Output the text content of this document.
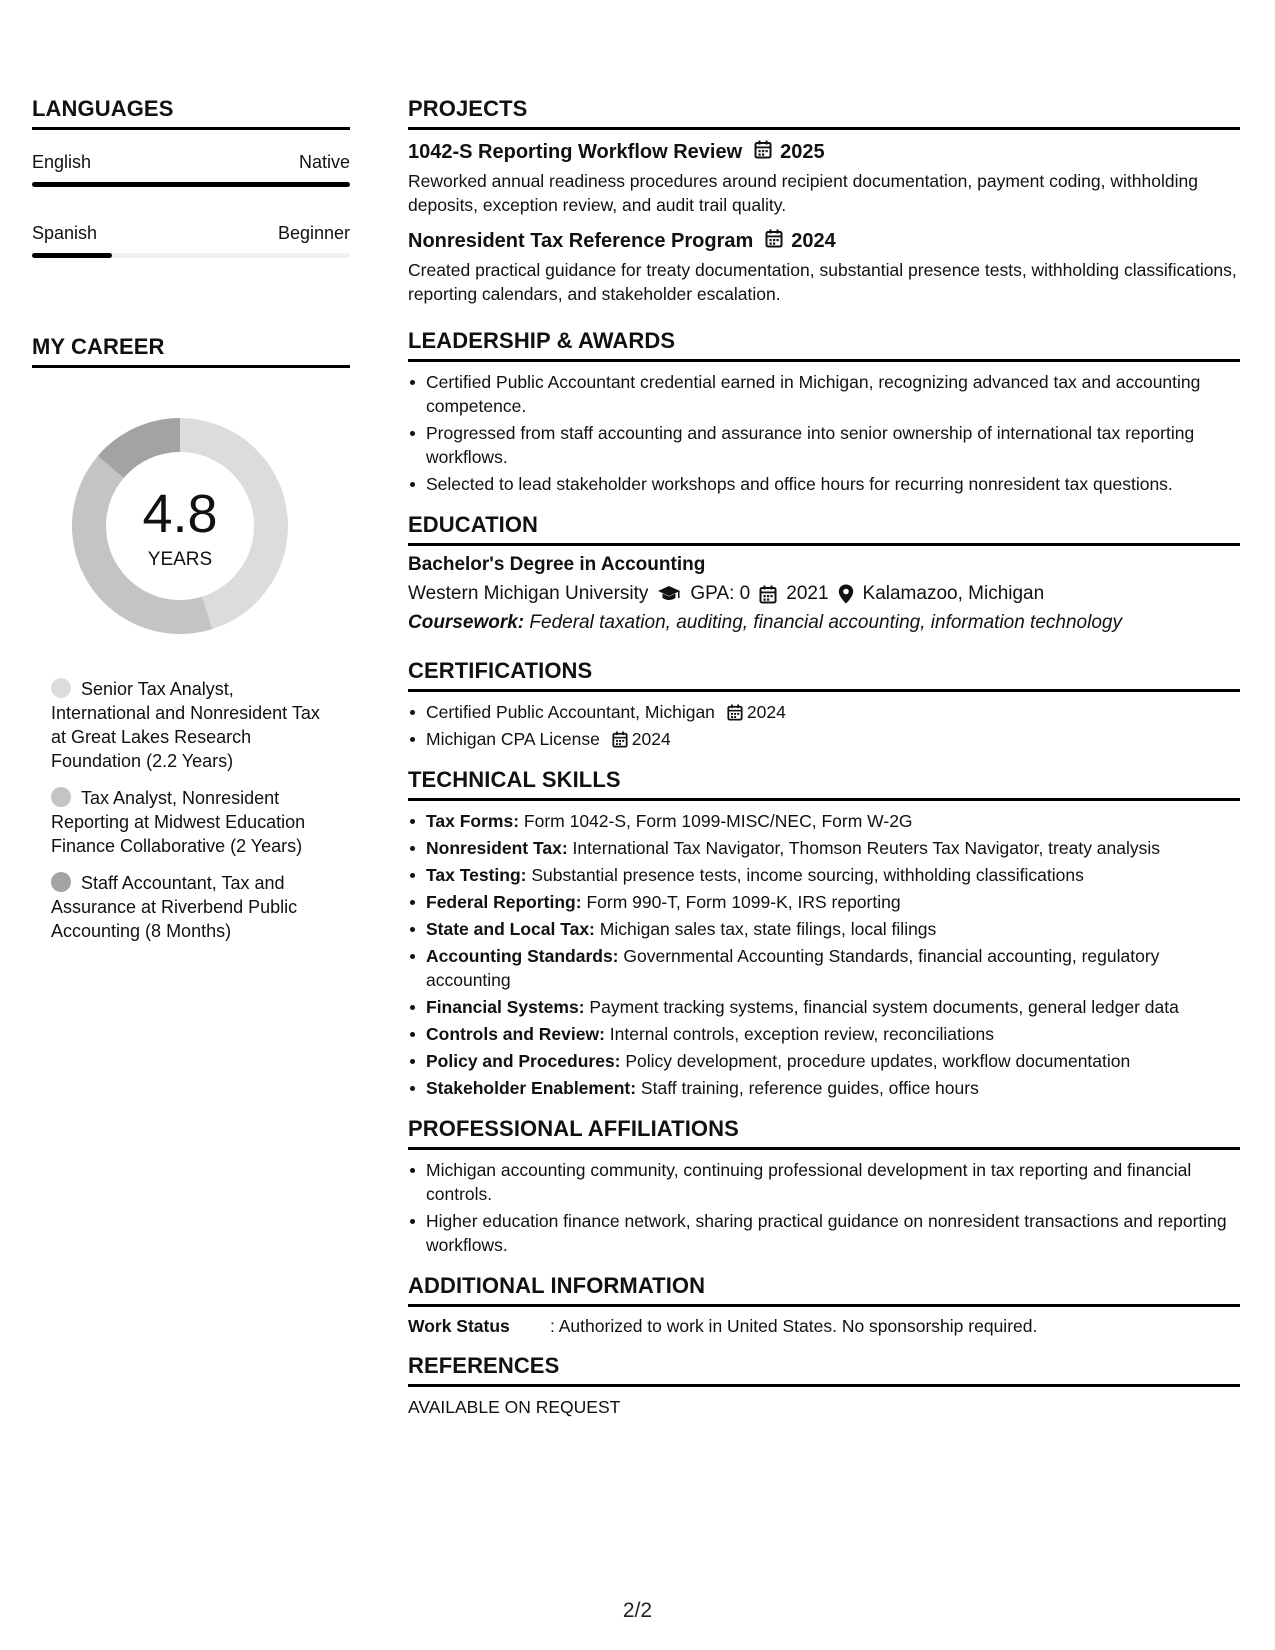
LANGUAGES
English	Native
Spanish	Beginner
MY CAREER
4.8
YEARS
Senior Tax Analyst, International and Nonresident Tax at Great Lakes Research Foundation (2.2 Years)
Tax Analyst, Nonresident Reporting at Midwest Education Finance Collaborative (2 Years)
Staff Accountant, Tax and Assurance at Riverbend Public Accounting (8 Months)
PROJECTS
1042-S Reporting Workflow Review 2025
Reworked annual readiness procedures around recipient documentation, payment coding, withholding deposits, exception review, and audit trail quality.
Nonresident Tax Reference Program 2024
Created practical guidance for treaty documentation, substantial presence tests, withholding classifications, reporting calendars, and stakeholder escalation.
LEADERSHIP & AWARDS
Certified Public Accountant credential earned in Michigan, recognizing advanced tax and accounting competence.
Progressed from staff accounting and assurance into senior ownership of international tax reporting workflows.
Selected to lead stakeholder workshops and office hours for recurring nonresident tax questions.
EDUCATION
Bachelor's Degree in Accounting
Western Michigan University GPA: 0 2021 Kalamazoo, Michigan
Coursework: Federal taxation, auditing, financial accounting, information technology
CERTIFICATIONS
Certified Public Accountant, Michigan 2024
Michigan CPA License 2024
TECHNICAL SKILLS
Tax Forms: Form 1042-S, Form 1099-MISC/NEC, Form W-2G
Nonresident Tax: International Tax Navigator, Thomson Reuters Tax Navigator, treaty analysis
Tax Testing: Substantial presence tests, income sourcing, withholding classifications
Federal Reporting: Form 990-T, Form 1099-K, IRS reporting
State and Local Tax: Michigan sales tax, state filings, local filings
Accounting Standards: Governmental Accounting Standards, financial accounting, regulatory accounting
Financial Systems: Payment tracking systems, financial system documents, general ledger data
Controls and Review: Internal controls, exception review, reconciliations
Policy and Procedures: Policy development, procedure updates, workflow documentation
Stakeholder Enablement: Staff training, reference guides, office hours
PROFESSIONAL AFFILIATIONS
Michigan accounting community, continuing professional development in tax reporting and financial controls.
Higher education finance network, sharing practical guidance on nonresident transactions and reporting workflows.
ADDITIONAL INFORMATION
Work Status	: Authorized to work in United States. No sponsorship required.
REFERENCES
AVAILABLE ON REQUEST
2/2
